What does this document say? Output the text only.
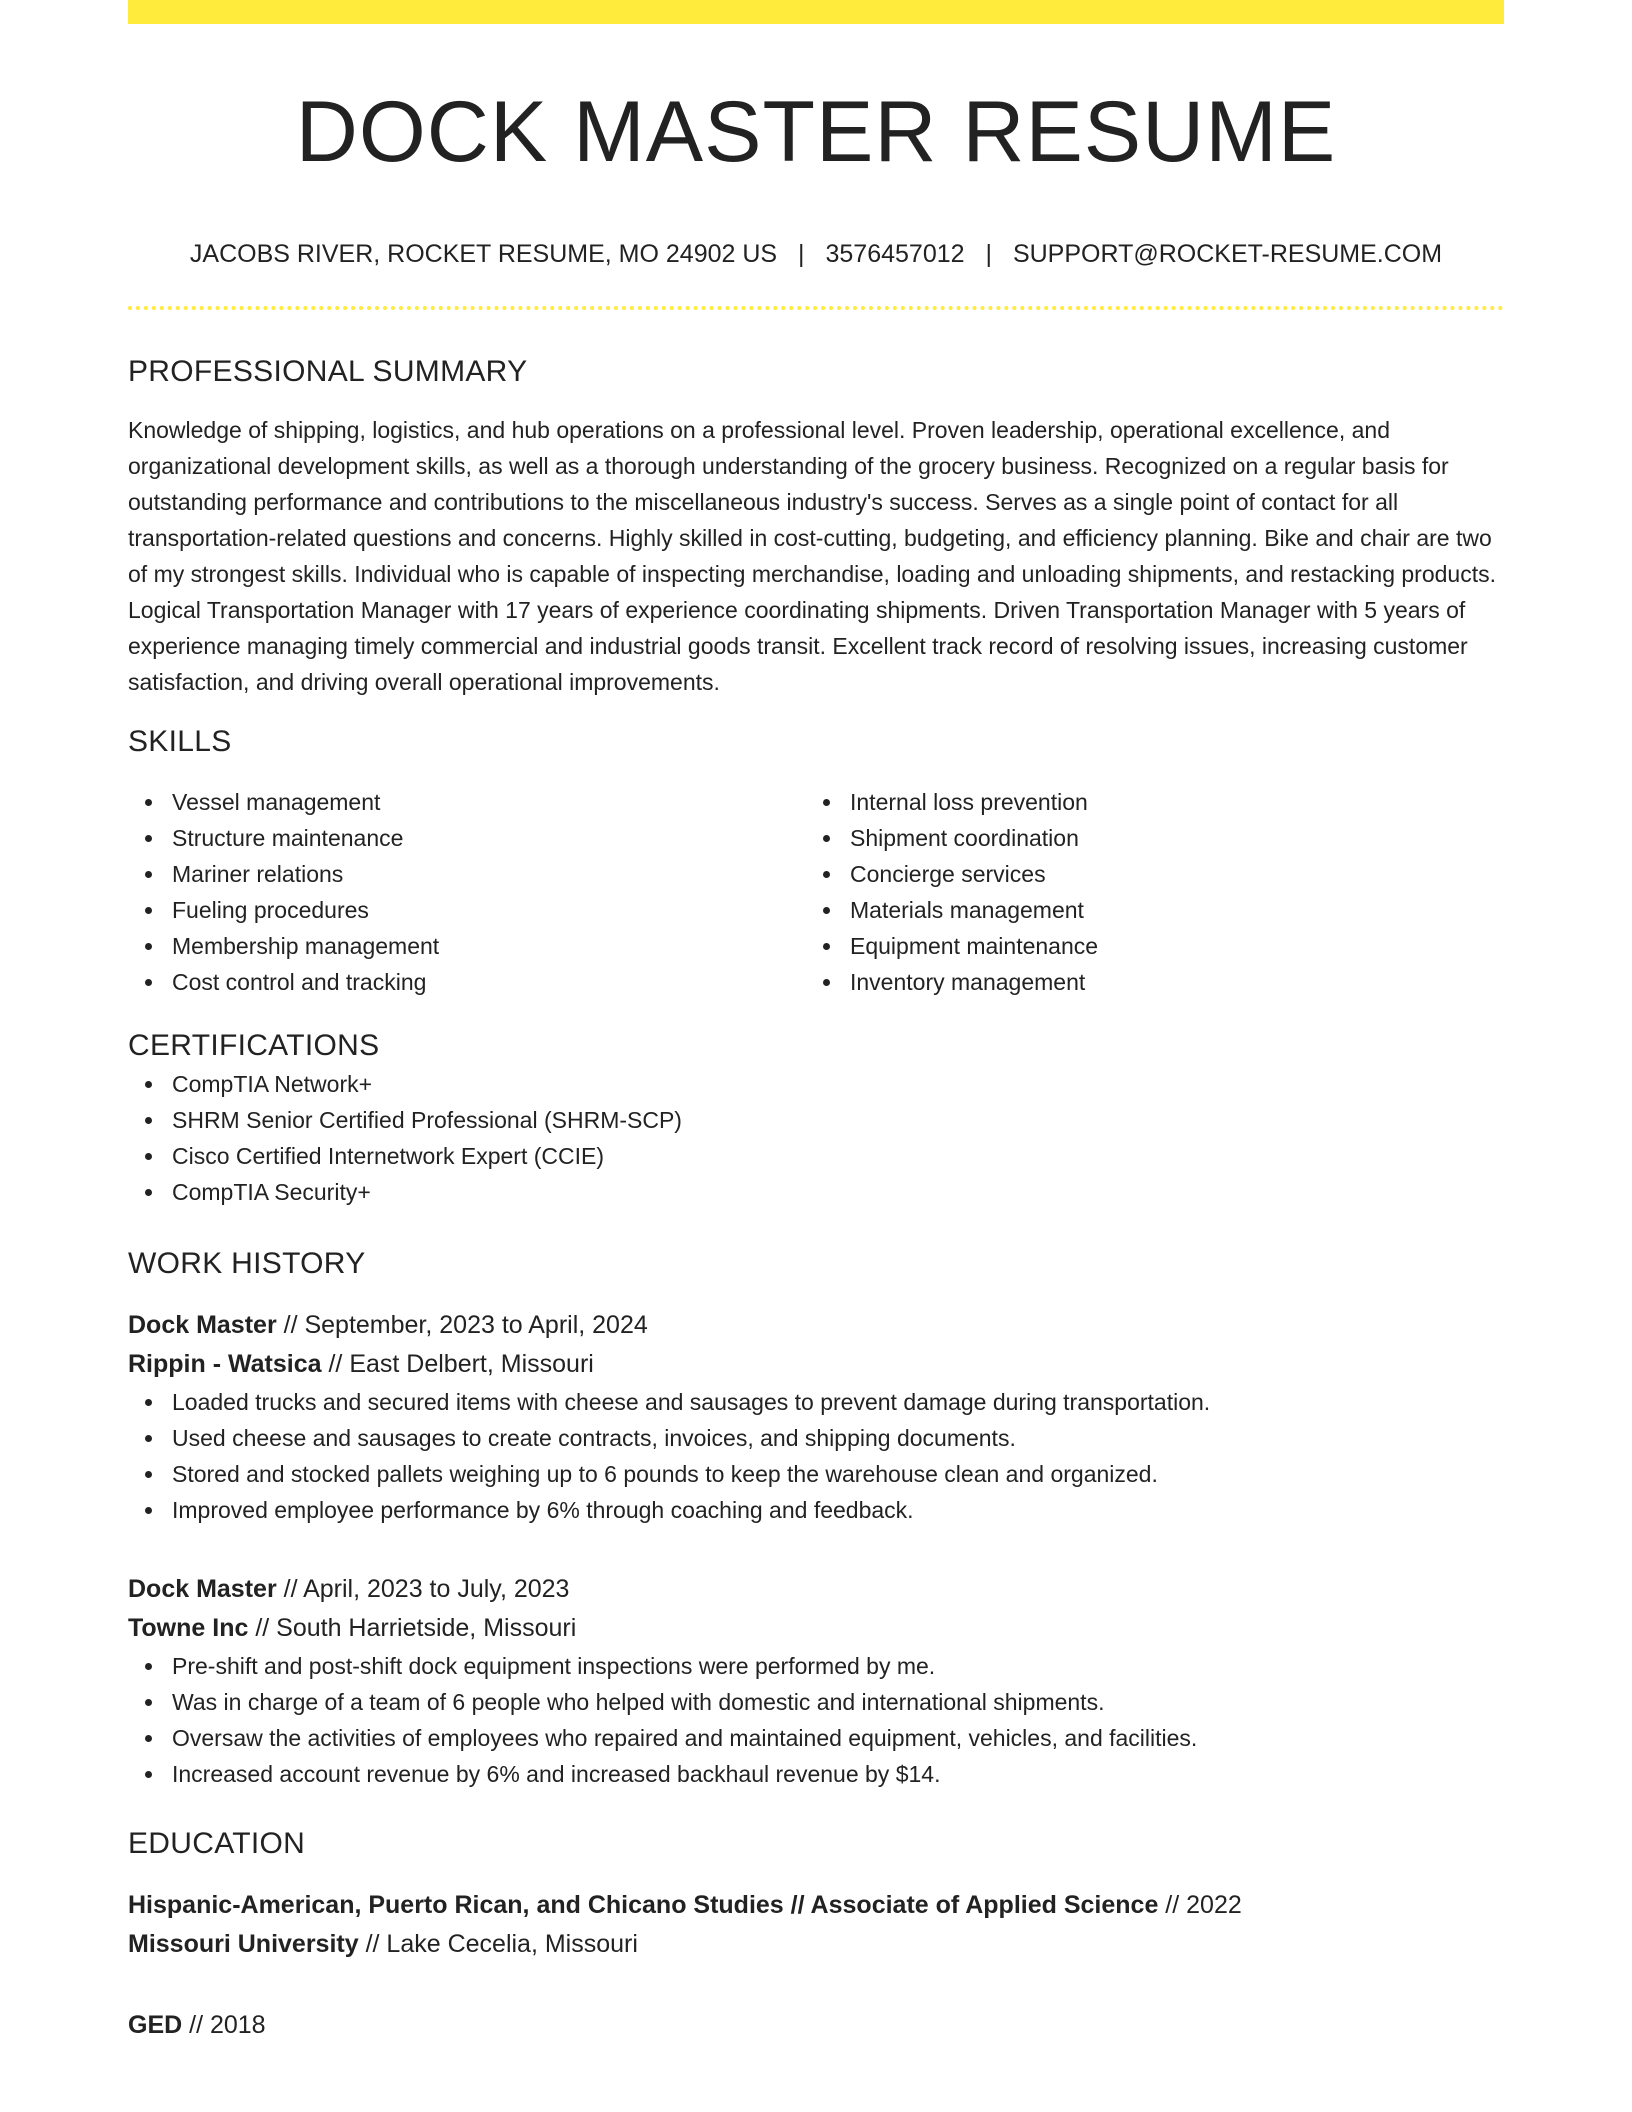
DOCK MASTER RESUME
JACOBS RIVER, ROCKET RESUME, MO 24902 US | 3576457012 | SUPPORT@ROCKET-RESUME.COM
PROFESSIONAL SUMMARY

Knowledge of shipping, logistics, and hub operations on a professional level. Proven leadership, operational excellence, and organizational development skills, as well as a thorough understanding of the grocery business. Recognized on a regular basis for outstanding performance and contributions to the miscellaneous industry's success. Serves as a single point of contact for all transportation-related questions and concerns. Highly skilled in cost-cutting, budgeting, and efficiency planning. Bike and chair are two of my strongest skills. Individual who is capable of inspecting merchandise, loading and unloading shipments, and restacking products. Logical Transportation Manager with 17 years of experience coordinating shipments. Driven Transportation Manager with 5 years of experience managing timely commercial and industrial goods transit. Excellent track record of resolving issues, increasing customer satisfaction, and driving overall operational improvements.

SKILLS
Vessel management
Structure maintenance
Mariner relations
Fueling procedures
Membership management
Cost control and tracking
Internal loss prevention
Shipment coordination
Concierge services
Materials management
Equipment maintenance
Inventory management
CERTIFICATIONS
CompTIA Network+
SHRM Senior Certified Professional (SHRM-SCP)
Cisco Certified Internetwork Expert (CCIE)
CompTIA Security+
WORK HISTORY
Dock Master // September, 2023 to April, 2024
Rippin - Watsica // East Delbert, Missouri
Loaded trucks and secured items with cheese and sausages to prevent damage during transportation.
Used cheese and sausages to create contracts, invoices, and shipping documents.
Stored and stocked pallets weighing up to 6 pounds to keep the warehouse clean and organized.
Improved employee performance by 6% through coaching and feedback.
Dock Master // April, 2023 to July, 2023
Towne Inc // South Harrietside, Missouri
Pre-shift and post-shift dock equipment inspections were performed by me.
Was in charge of a team of 6 people who helped with domestic and international shipments.
Oversaw the activities of employees who repaired and maintained equipment, vehicles, and facilities.
Increased account revenue by 6% and increased backhaul revenue by $14.
EDUCATION
Hispanic-American, Puerto Rican, and Chicano Studies // Associate of Applied Science // 2022
Missouri University // Lake Cecelia, Missouri
GED // 2018
